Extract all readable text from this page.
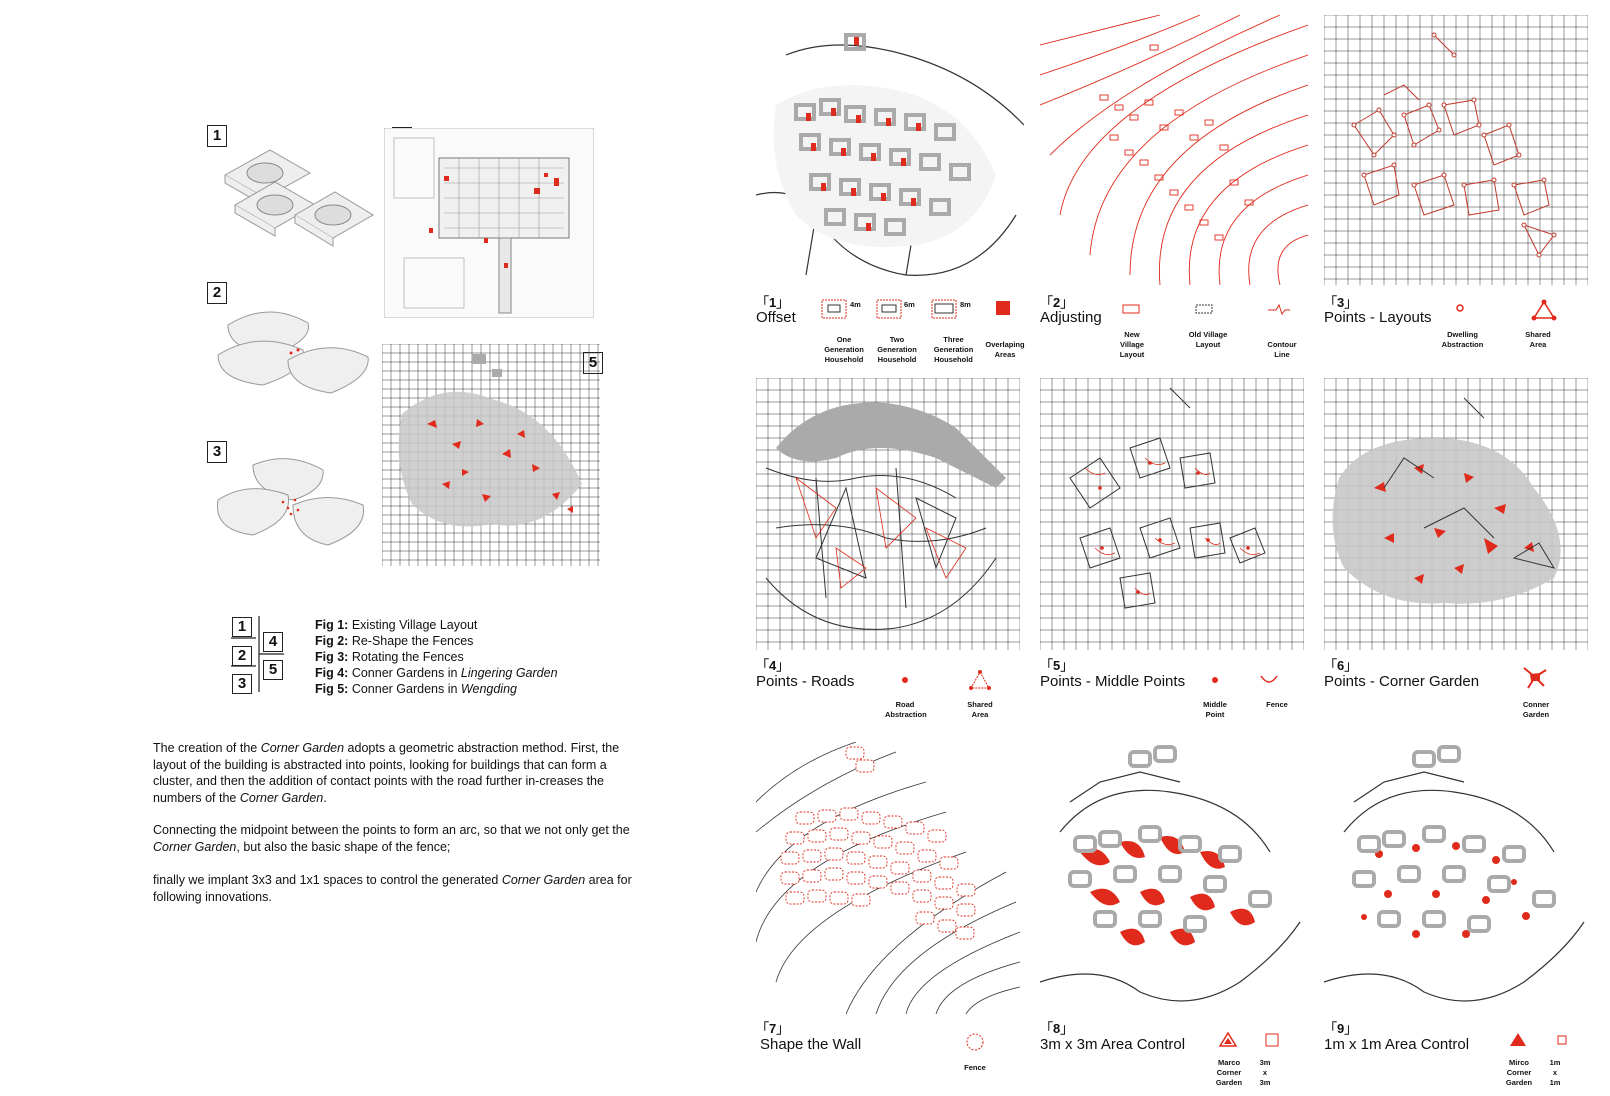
1
2
3
5
1
2
3
4
5
Fig 1: Existing Village Layout
Fig 2: Re-Shape the Fences
Fig 3: Rotating the Fences
Fig 4: Conner Gardens in Lingering Garden
Fig 5: Conner Gardens in Wengding
The creation of the Corner Garden adopts a geometric abstraction method. First, the layout of the building is abstracted into points, looking for buildings that can form a cluster, and then the addition of contact points with the road further in-creases the numbers of the Corner Garden.
Connecting the midpoint between the points to form an arc, so that we not only get the Corner Garden, but also the basic shape of the fence;
finally we implant 3x3 and 1x1 spaces to control the generated Corner Garden area for following innovations.
「1」
Offset
One Generation Household
Two Generation Household
Three Generation Household
Overlaping Areas
4m	6m	8m	「2」
Adjusting
New Village Layout
Old Village Layout	Contour Line
「3」
Points - Layouts
Dwelling Abstraction
Shared Area
「4」
Points - Roads
Road Abstraction
Shared Area
「5」
Points - Middle Points
Middle Point
Fence
「6」
Points - Corner Garden
Conner Garden
「7」
Shape the Wall
Fence
「8」
3m x 3m Area Control
Marco Corner Garden
3m x 3m
「9」
1m x 1m Area Control
Mirco Corner Garden
1m x 1m
